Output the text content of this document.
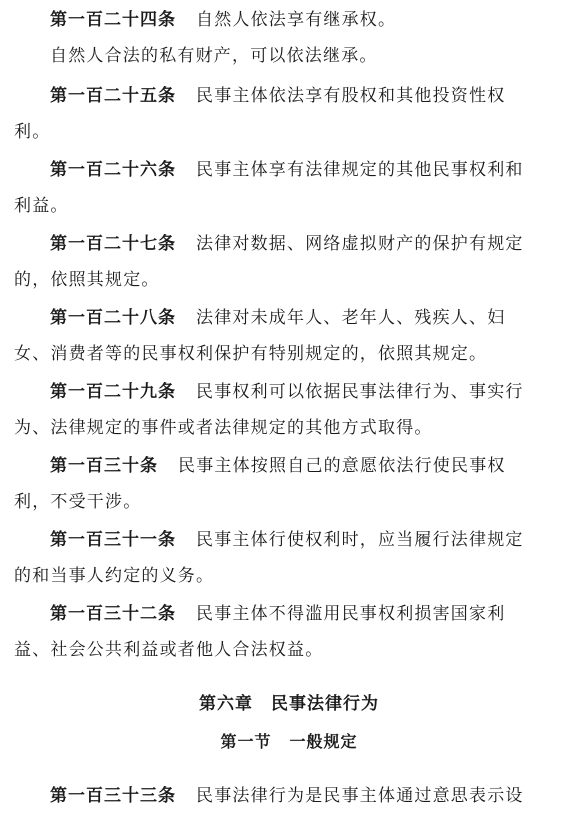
第一百二十四条 自然人依法享有继承权。
自然人合法的私有财产，可以依法继承。
第一百二十五条 民事主体依法享有股权和其他投资性权
利。
第一百二十六条 民事主体享有法律规定的其他民事权利和
利益。
第一百二十七条 法律对数据、网络虚拟财产的保护有规定
的，依照其规定。
第一百二十八条 法律对未成年人、老年人、残疾人、妇
女、消费者等的民事权利保护有特别规定的，依照其规定。
第一百二十九条 民事权利可以依据民事法律行为、事实行
为、法律规定的事件或者法律规定的其他方式取得。
第一百三十条 民事主体按照自己的意愿依法行使民事权
利，不受干涉。
第一百三十一条 民事主体行使权利时，应当履行法律规定
的和当事人约定的义务。
第一百三十二条 民事主体不得滥用民事权利损害国家利
益、社会公共利益或者他人合法权益。
第六章 民事法律行为
第一节 一般规定
第一百三十三条 民事法律行为是民事主体通过意思表示设
